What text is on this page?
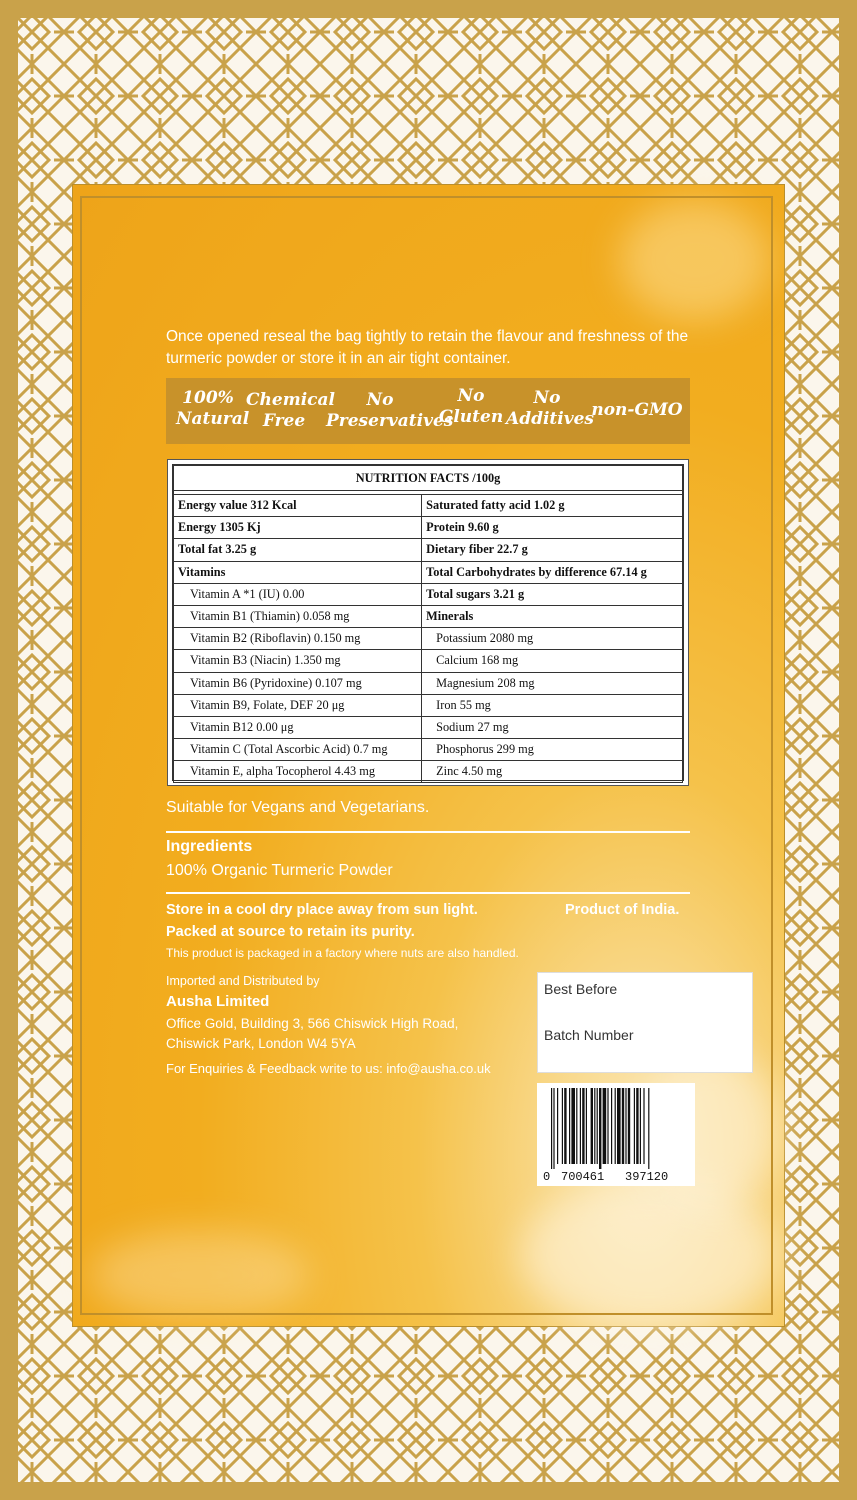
Once opened reseal the bag tightly to retain the flavour and freshness of the turmeric powder or store it in an air tight container.
100%
Natural
Chemical
Free
No
Preservatives
No
Gluten
No
Additives
non-GMO
NUTRITION FACTS /100g	

Energy value 312 Kcal	Saturated fatty acid 1.02 g
Energy 1305 Kj	Protein 9.60 g
Total fat 3.25 g	Dietary fiber 22.7 g
Vitamins	Total Carbohydrates by difference 67.14 g
Vitamin A *1 (IU) 0.00	Total sugars 3.21 g
Vitamin B1 (Thiamin) 0.058 mg	Minerals
Vitamin B2 (Riboflavin) 0.150 mg	Potassium 2080 mg
Vitamin B3 (Niacin) 1.350 mg	Calcium 168 mg
Vitamin B6 (Pyridoxine) 0.107 mg	Magnesium 208 mg
Vitamin B9, Folate, DEF 20 μg	Iron 55 mg
Vitamin B12 0.00 μg	Sodium 27 mg
Vitamin C (Total Ascorbic Acid) 0.7 mg	Phosphorus 299 mg
Vitamin E, alpha Tocopherol 4.43 mg	Zinc 4.50 mg
Suitable for Vegans and Vegetarians.
Ingredients
100% Organic Turmeric Powder
Store in a cool dry place away from sun light.	Product of India.
Packed at source to retain its purity.
This product is packaged in a factory where nuts are also handled.
Imported and Distributed by
Ausha Limited
Office Gold, Building 3, 566 Chiswick High Road,
Chiswick Park, London W4 5YA
For Enquiries & Feedback write to us: info@ausha.co.uk
Best Before
Batch Number
0 700461 397120
